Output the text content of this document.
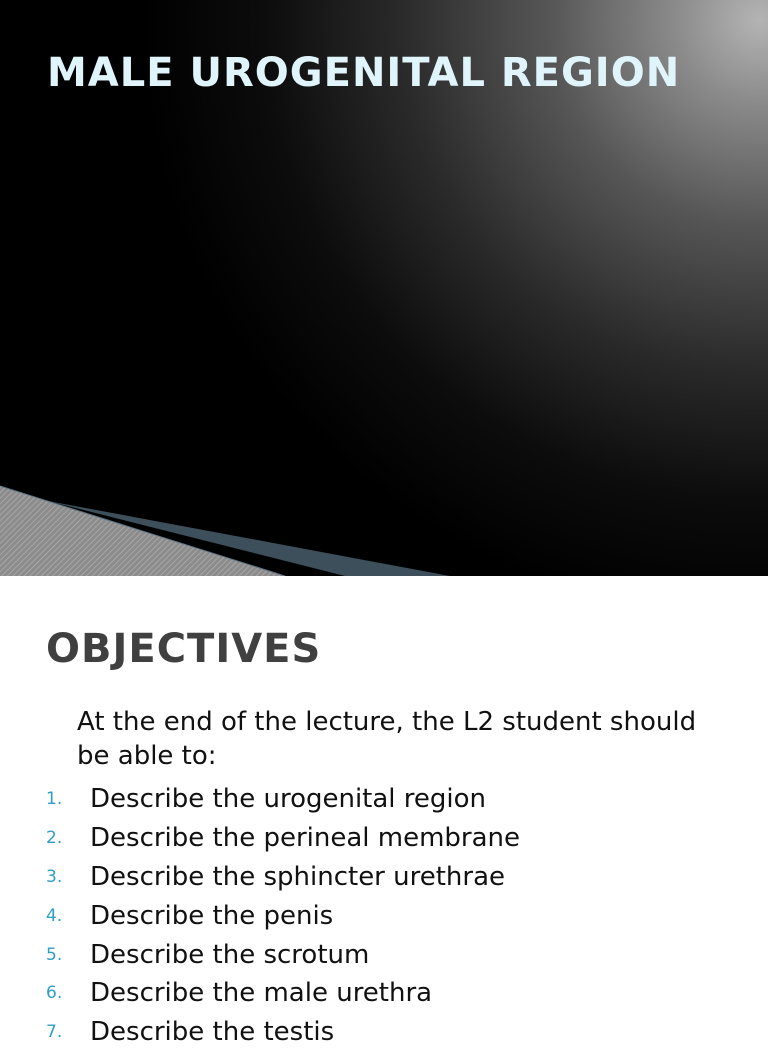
MALE UROGENITAL REGION
OBJECTIVES

At the end of the lecture, the L2 student should be able to:

1.	Describe the urogenital region
2.	Describe the perineal membrane
3.	Describe the sphincter urethrae
4.	Describe the penis
5.	Describe the scrotum
6.	Describe the male urethra
7.	Describe the testis
